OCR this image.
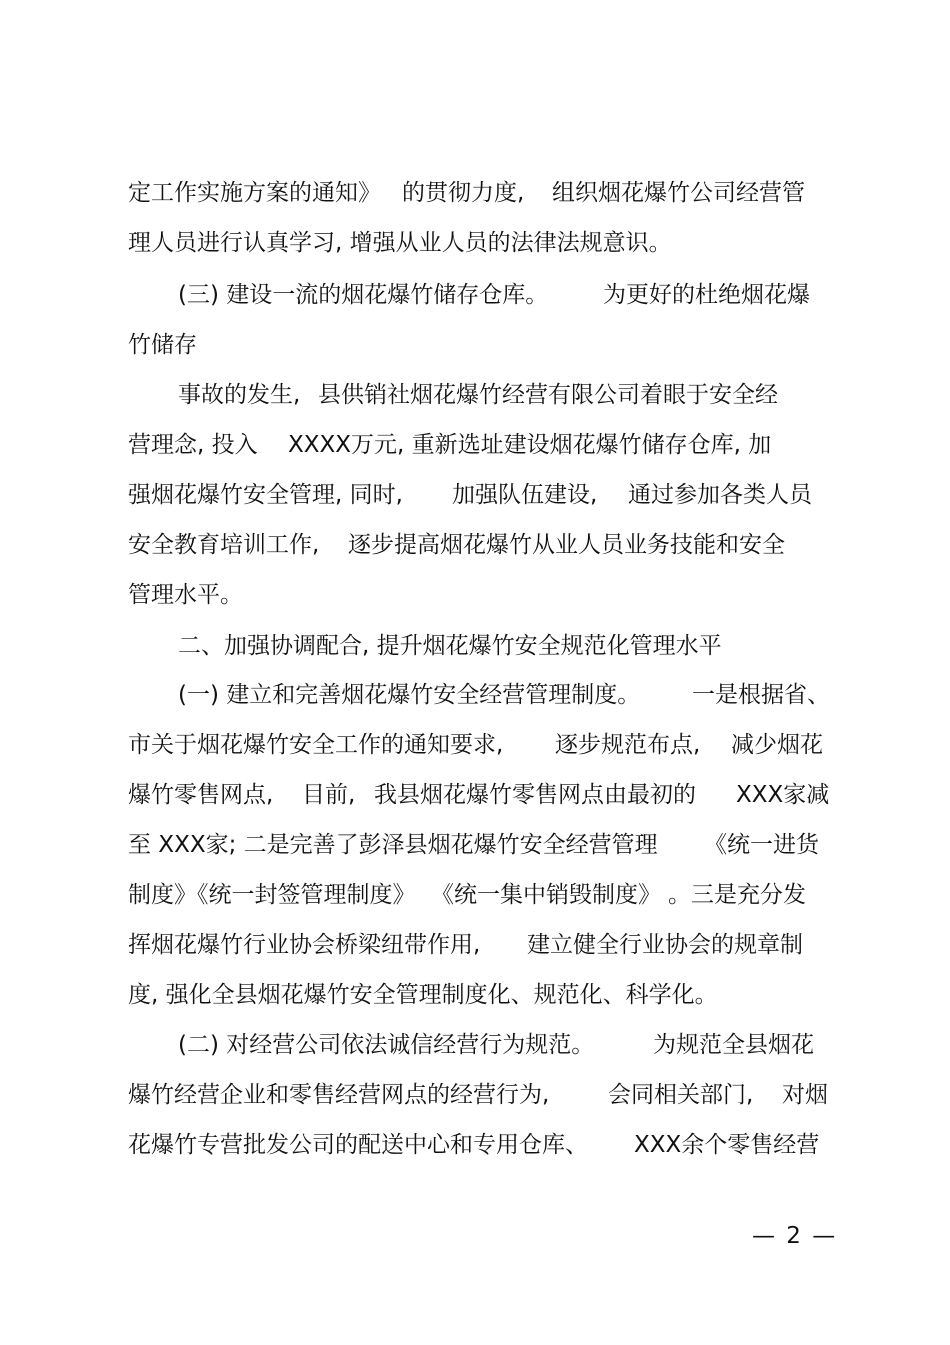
定工作实施方案的通知》 的贯彻力度, 组织烟花爆竹公司经营管
理人员进行认真学习, 增强从业人员的法律法规意识。
(三) 建设一流的烟花爆竹储存仓库。 为更好的杜绝烟花爆
竹储存
事故的发生, 县供销社烟花爆竹经营有限公司着眼于安全经
营理念, 投入 XXXX万元, 重新选址建设烟花爆竹储存仓库, 加
强烟花爆竹安全管理, 同时, 加强队伍建设, 通过参加各类人员
安全教育培训工作, 逐步提高烟花爆竹从业人员业务技能和安全
管理水平。
二、加强协调配合, 提升烟花爆竹安全规范化管理水平
(一) 建立和完善烟花爆竹安全经营管理制度。 一是根据省、
市关于烟花爆竹安全工作的通知要求, 逐步规范布点, 减少烟花
爆竹零售网点, 目前, 我县烟花爆竹零售网点由最初的 XXX家减
至 XXX家; 二是完善了彭泽县烟花爆竹安全经营管理 《统一进货
制度》《统一封签管理制度》 《统一集中销毁制度》 。三是充分发
挥烟花爆竹行业协会桥梁纽带作用, 建立健全行业协会的规章制
度, 强化全县烟花爆竹安全管理制度化、规范化、科学化。
(二) 对经营公司依法诚信经营行为规范。	为规范全县烟花
爆竹经营企业和零售经营网点的经营行为,	会同相关部门, 对烟
花爆竹专营批发公司的配送中心和专用仓库、 XXX余个零售经营
— 2 —
